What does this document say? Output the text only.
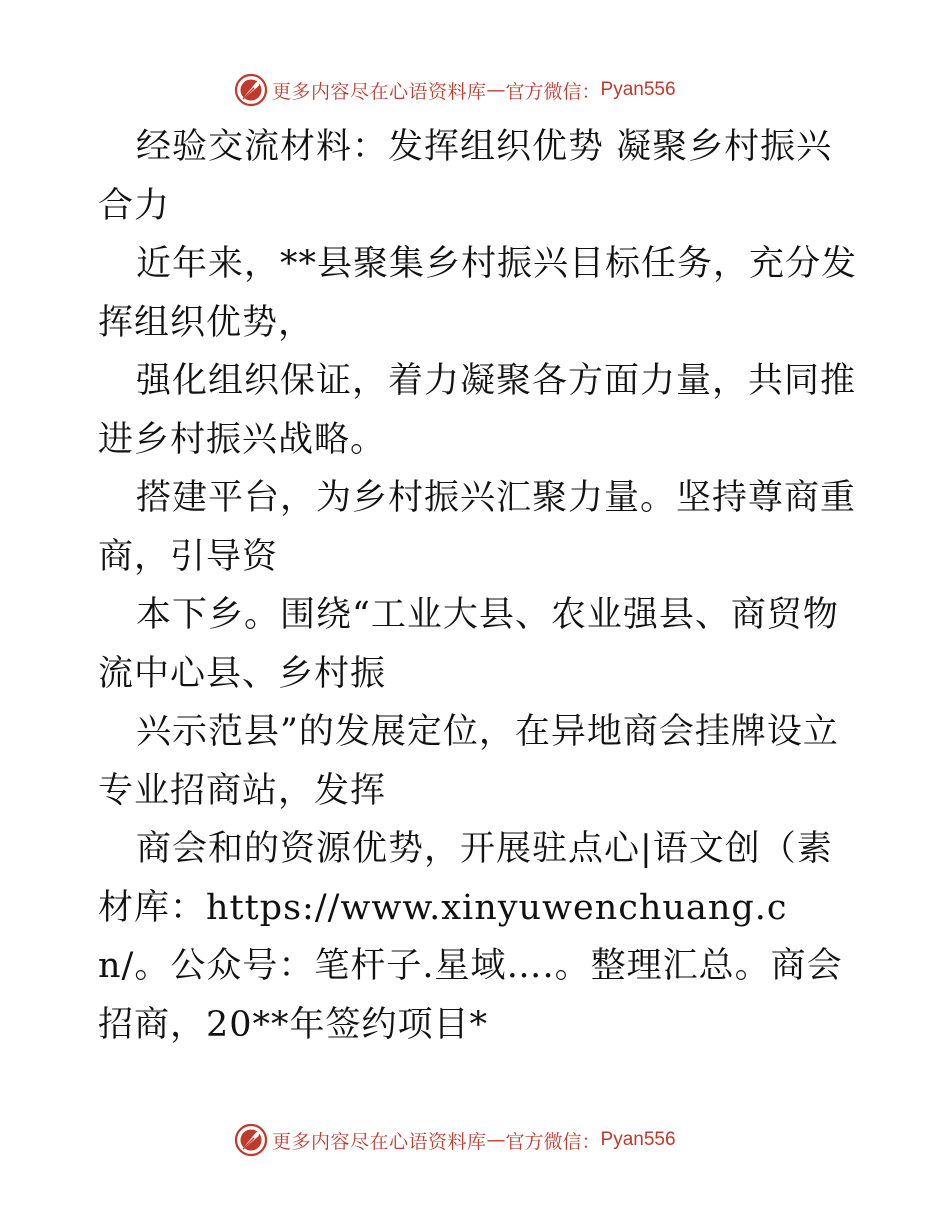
更多内容尽在心语资料库 — 官方微信： Pyan556

经验交流材料：发挥组织优势 凝聚乡村振兴合力

近年来，**县聚集乡村振兴目标任务，充分发挥组织优势，

强化组织保证，着力凝聚各方面力量，共同推进乡村振兴战略。

搭建平台，为乡村振兴汇聚力量。坚持尊商重商，引导资

本下乡。围绕“工业大县、农业强县、商贸物流中心县、乡村振

兴示范县”的发展定位，在异地商会挂牌设立专业招商站，发挥

商会和的资源优势，开展驻点心|语文创（素材库：https://www.xinyuwenchuang.cn/。公众号：笔杆子.星域….。整理汇总。商会招商，20**年签约项目*

更多内容尽在心语资料库 — 官方微信： Pyan556
